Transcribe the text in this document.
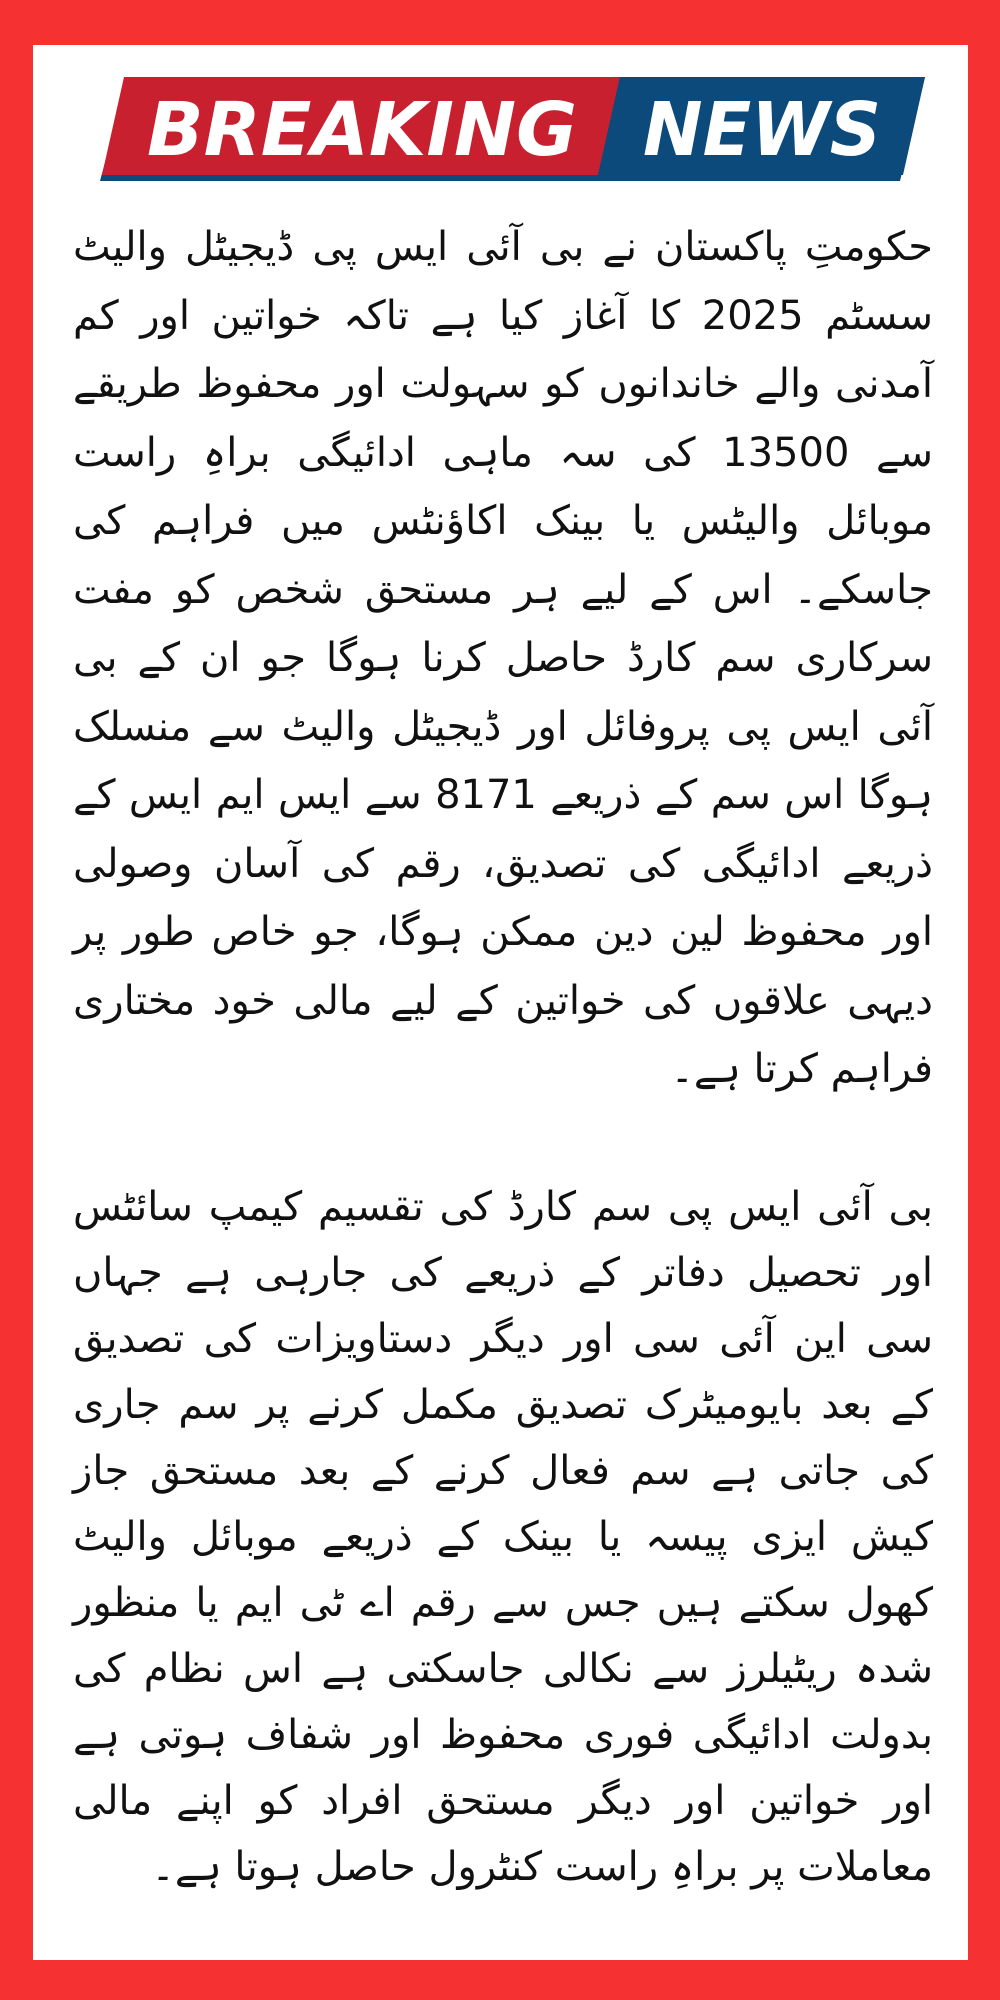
BREAKING NEWS

حکومتِ پاکستان نے بی آئی ایس پی ڈیجیٹل والیٹ سسٹم 2025 کا آغاز کیا ہے تاکہ خواتین اور کم آمدنی والے خاندانوں کو سہولت اور محفوظ طریقے سے 13500 کی سہ ماہی ادائیگی براہِ راست موبائل والیٹس یا بینک اکاؤنٹس میں فراہم کی جاسکے۔ اس کے لیے ہر مستحق شخص کو مفت سرکاری سم کارڈ حاصل کرنا ہوگا جو ان کے بی آئی ایس پی پروفائل اور ڈیجیٹل والیٹ سے منسلک ہوگا اس سم کے ذریعے 8171 سے ایس ایم ایس کے ذریعے ادائیگی کی تصدیق، رقم کی آسان وصولی اور محفوظ لین دین ممکن ہوگا، جو خاص طور پر دیہی علاقوں کی خواتین کے لیے مالی خود مختاری فراہم کرتا ہے۔

بی آئی ایس پی سم کارڈ کی تقسیم کیمپ سائٹس اور تحصیل دفاتر کے ذریعے کی جارہی ہے جہاں سی این آئی سی اور دیگر دستاویزات کی تصدیق کے بعد بایومیٹرک تصدیق مکمل کرنے پر سم جاری کی جاتی ہے سم فعال کرنے کے بعد مستحق جاز کیش ایزی پیسہ یا بینک کے ذریعے موبائل والیٹ کھول سکتے ہیں جس سے رقم اے ٹی ایم یا منظور شدہ ریٹیلرز سے نکالی جاسکتی ہے اس نظام کی بدولت ادائیگی فوری محفوظ اور شفاف ہوتی ہے اور خواتین اور دیگر مستحق افراد کو اپنے مالی معاملات پر براہِ راست کنٹرول حاصل ہوتا ہے۔
